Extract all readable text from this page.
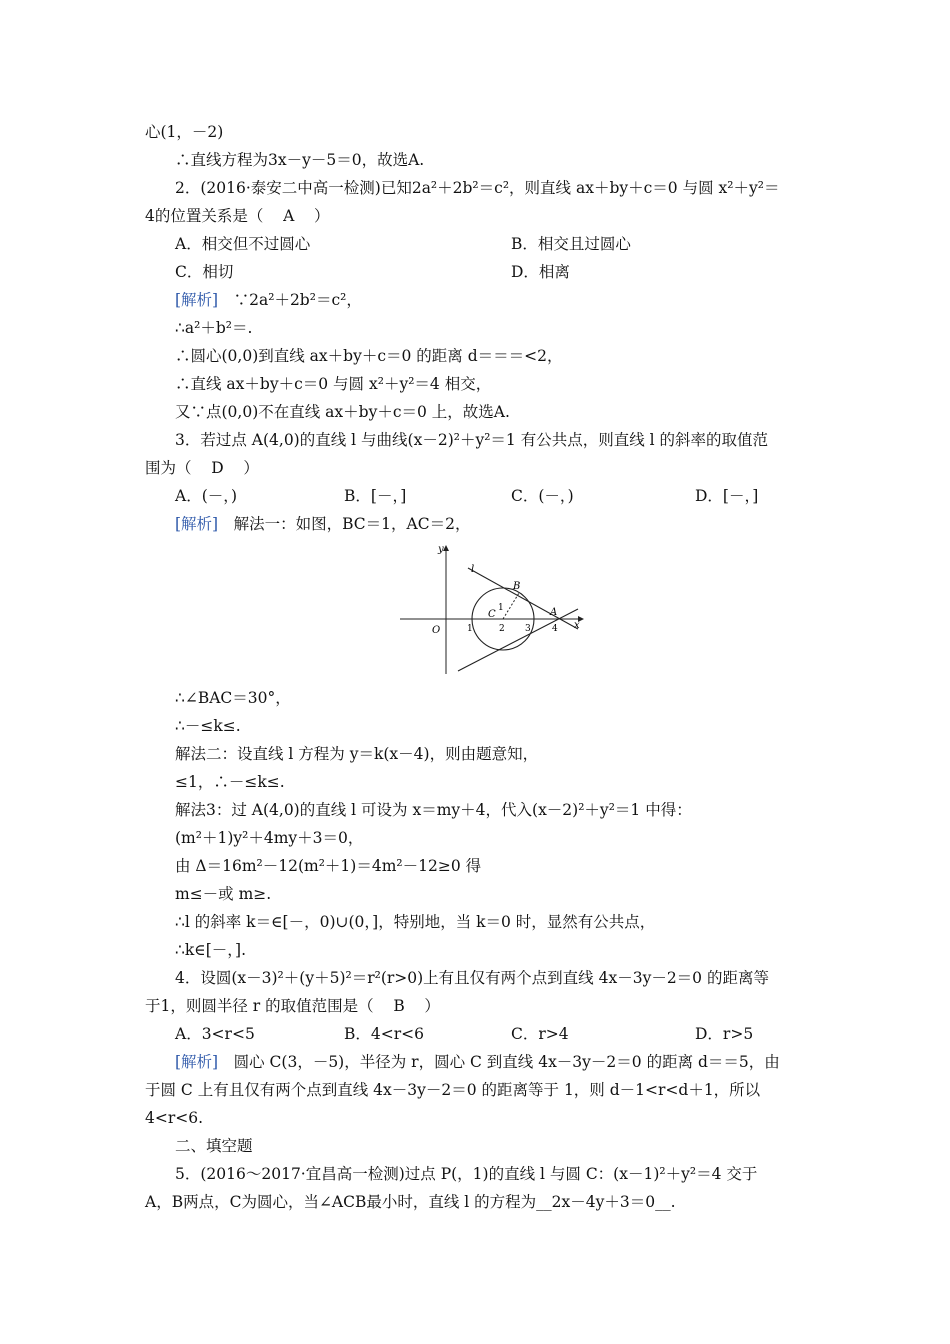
心(1，－2)
∴直线方程为3x－y－5＝0，故选A.
2．(2016·泰安二中高一检测)已知2a²＋2b²＝c²，则直线 ax＋by＋c＝0 与圆 x²＋y²＝
4的位置关系是（    A    ）
A．相交但不过圆心	B．相交且过圆心
C．相切	D．相离
[解析]　 ∵2a²＋2b²＝c²，
∴a²＋b²＝.
∴圆心(0,0)到直线 ax＋by＋c＝0 的距离 d＝＝＝<2，
∴直线 ax＋by＋c＝0 与圆 x²＋y²＝4 相交，
又∵点(0,0)不在直线 ax＋by＋c＝0 上，故选A.
3．若过点 A(4,0)的直线 l 与曲线(x－2)²＋y²＝1 有公共点，则直线 l 的斜率的取值范
围为（    D    ）
A．(－，)	B．[－，]	C．(－，)	D．[－，]
[解析]　 解法一：如图，BC＝1，AC＝2，
y
x
O
l
B
C	A
1
1	2 3 4
∴∠BAC＝30°，
∴－≤k≤.
解法二：设直线 l 方程为 y＝k(x－4)，则由题意知，
≤1，∴－≤k≤.
解法3：过 A(4,0)的直线 l 可设为 x＝my＋4，代入(x－2)²＋y²＝1 中得：
(m²＋1)y²＋4my＋3＝0，
由 Δ＝16m²－12(m²＋1)＝4m²－12≥0 得
m≤－或 m≥.
∴l 的斜率 k＝∈[－，0)∪(0，]，特别地，当 k＝0 时，显然有公共点，
∴k∈[－，].
4．设圆(x－3)²＋(y＋5)²＝r²(r>0)上有且仅有两个点到直线 4x－3y－2＝0 的距离等
于1，则圆半径 r 的取值范围是（    B    ）
A．3<r<5	B．4<r<6	C．r>4	D．r>5
[解析]　 圆心 C(3，－5)，半径为 r，圆心 C 到直线 4x－3y－2＝0 的距离 d＝＝5，由
于圆 C 上有且仅有两个点到直线 4x－3y－2＝0 的距离等于 1，则 d－1<r<d＋1，所以
4<r<6.
二、填空题
5．(2016～2017·宜昌高一检测)过点 P(，1)的直线 l 与圆 C：(x－1)²＋y²＝4 交于
A，B两点，C为圆心，当∠ACB最小时，直线 l 的方程为__2x－4y＋3＝0__.
